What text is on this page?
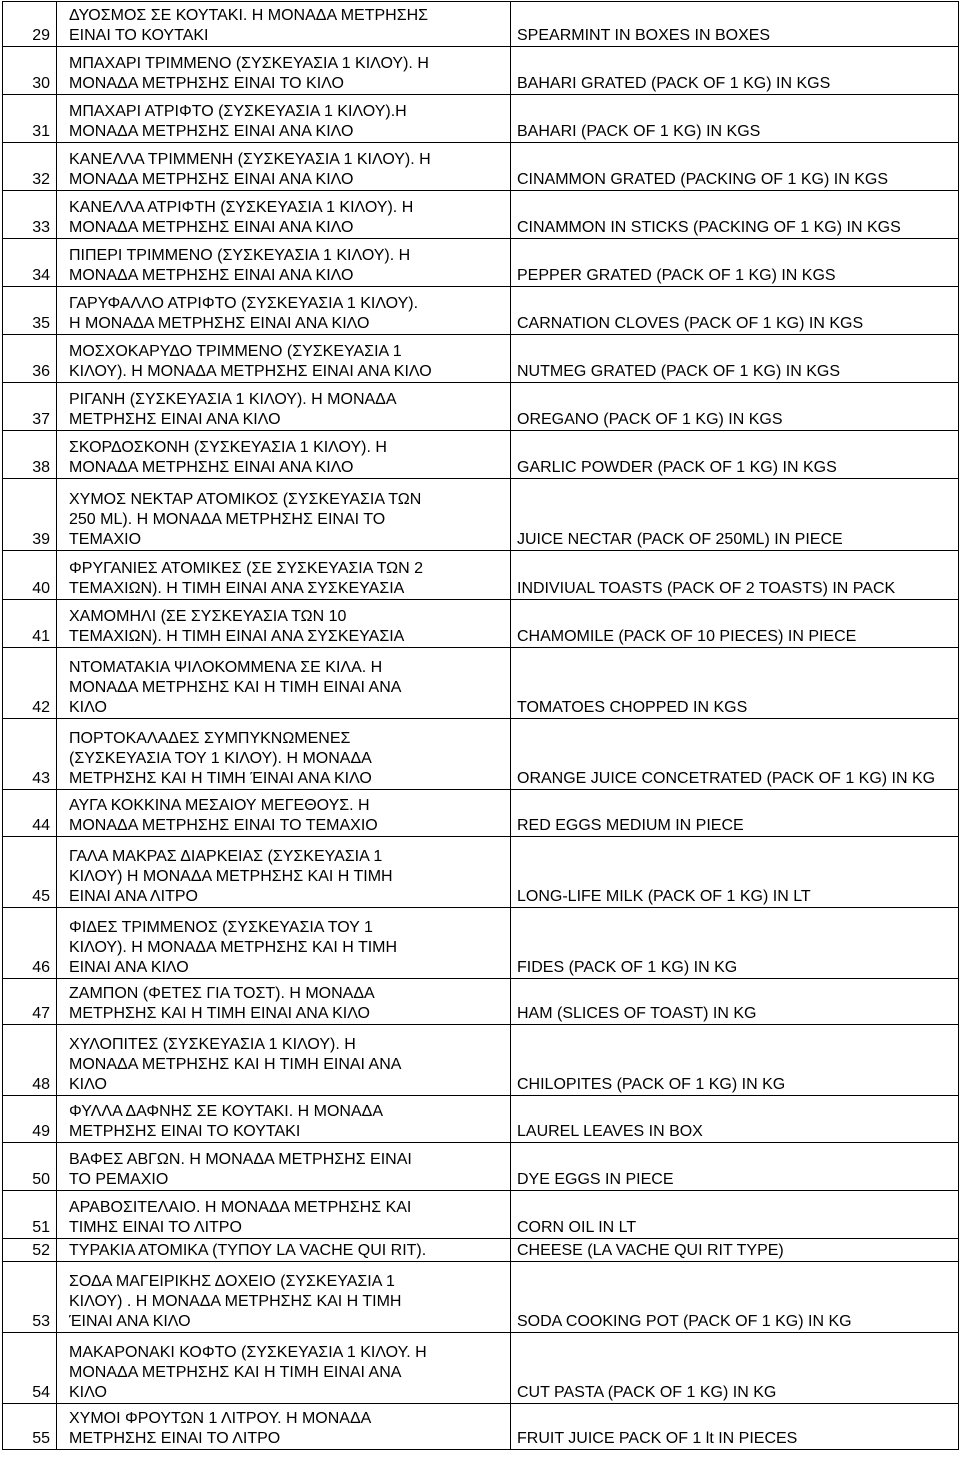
29	ΔΥΟΣΜΟΣ ΣΕ ΚΟΥΤΑΚΙ. Η ΜΟΝΑΔΑ ΜΕΤΡΗΣΗΣ
ΕΙΝΑΙ ΤΟ ΚΟΥΤΑΚΙ	SPEARMINT IN BOXES IN BOXES
30	ΜΠΑΧΑΡΙ ΤΡΙΜΜΕΝΟ (ΣΥΣΚΕΥΑΣΙΑ 1 ΚΙΛΟΥ). Η
ΜΟΝΑΔΑ ΜΕΤΡΗΣΗΣ ΕΙΝΑΙ ΤΟ ΚΙΛΟ	BAHARI GRATED (PACK OF 1 KG) IN KGS
31	ΜΠΑΧΑΡΙ ΑΤΡΙΦΤΟ (ΣΥΣΚΕΥΑΣΙΑ 1 ΚΙΛΟΥ).Η
ΜΟΝΑΔΑ ΜΕΤΡΗΣΗΣ ΕΙΝΑΙ ΑΝΑ ΚΙΛΟ	BAHARI (PACK OF 1 KG) IN KGS
32	ΚΑΝΕΛΛΑ ΤΡΙΜΜΕΝΗ (ΣΥΣΚΕΥΑΣΙΑ 1 ΚΙΛΟΥ). Η
ΜΟΝΑΔΑ ΜΕΤΡΗΣΗΣ ΕΙΝΑΙ ΑΝΑ ΚΙΛΟ	CINAMMON GRATED (PACKING OF 1 KG) IN KGS
33	ΚΑΝΕΛΛΑ ΑΤΡΙΦΤΗ (ΣΥΣΚΕΥΑΣΙΑ 1 ΚΙΛΟΥ). Η
ΜΟΝΑΔΑ ΜΕΤΡΗΣΗΣ ΕΙΝΑΙ ΑΝΑ ΚΙΛΟ	CINAMMON IN STICKS (PACKING OF 1 KG) IN KGS
34	ΠΙΠΕΡΙ ΤΡΙΜΜΕΝΟ (ΣΥΣΚΕΥΑΣΙΑ 1 ΚΙΛΟΥ). Η
ΜΟΝΑΔΑ ΜΕΤΡΗΣΗΣ ΕΙΝΑΙ ΑΝΑ ΚΙΛΟ	PEPPER GRATED (PACK OF 1 KG) IN KGS
35	ΓΑΡΥΦΑΛΛΟ ΑΤΡΙΦΤΟ (ΣΥΣΚΕΥΑΣΙΑ 1 ΚΙΛΟΥ).
Η ΜΟΝΑΔΑ ΜΕΤΡΗΣΗΣ ΕΙΝΑΙ ΑΝΑ ΚΙΛΟ	CARNATION CLOVES (PACK OF 1 KG) IN KGS
36	ΜΟΣΧΟΚΑΡΥΔΟ ΤΡΙΜΜΕΝΟ (ΣΥΣΚΕΥΑΣΙΑ 1
ΚΙΛΟΥ). Η ΜΟΝΑΔΑ ΜΕΤΡΗΣΗΣ ΕΙΝΑΙ ΑΝΑ ΚΙΛΟ	NUTMEG GRATED (PACK OF 1 KG) IN KGS
37	ΡΙΓΑΝΗ (ΣΥΣΚΕΥΑΣΙΑ 1 ΚΙΛΟΥ). Η ΜΟΝΑΔΑ
ΜΕΤΡΗΣΗΣ ΕΙΝΑΙ ΑΝΑ ΚΙΛΟ	OREGANO (PACK OF 1 KG) IN KGS
38	ΣΚΟΡΔΟΣΚΟΝΗ (ΣΥΣΚΕΥΑΣΙΑ 1 ΚΙΛΟΥ). Η
ΜΟΝΑΔΑ ΜΕΤΡΗΣΗΣ ΕΙΝΑΙ ΑΝΑ ΚΙΛΟ	GARLIC POWDER (PACK OF 1 KG) IN KGS
39	ΧΥΜΟΣ ΝΕΚΤΑΡ ΑΤΟΜΙΚΟΣ (ΣΥΣΚΕΥΑΣΙΑ ΤΩΝ
250 ML). Η ΜΟΝΑΔΑ ΜΕΤΡΗΣΗΣ ΕΙΝΑΙ ΤΟ
ΤΕΜΑΧΙΟ	JUICE NECTAR (PACK OF 250ML) IN PIECE
40	ΦΡΥΓΑΝΙΕΣ ΑΤΟΜΙΚΕΣ (ΣΕ ΣΥΣΚΕΥΑΣΙΑ ΤΩΝ 2
ΤΕΜΑΧΙΩΝ). Η ΤΙΜΗ ΕΙΝΑΙ ΑΝΑ ΣΥΣΚΕΥΑΣΙΑ	INDIVIUAL TOASTS (PACK OF 2 TOASTS) IN PACK
41	ΧΑΜΟΜΗΛΙ (ΣΕ ΣΥΣΚΕΥΑΣΙΑ ΤΩΝ 10
ΤΕΜΑΧΙΩΝ). Η ΤΙΜΗ ΕΙΝΑΙ ΑΝΑ ΣΥΣΚΕΥΑΣΙΑ	CHAMOMILE (PACK OF 10 PIECES) IN PIECE
42	ΝΤΟΜΑΤΑΚΙΑ ΨΙΛΟΚΟΜΜΕΝΑ ΣΕ ΚΙΛΑ. Η
ΜΟΝΑΔΑ ΜΕΤΡΗΣΗΣ ΚΑΙ Η ΤΙΜΗ ΕΙΝΑΙ ΑΝΑ
ΚΙΛΟ	TOMATOES CHOPPED IN KGS
43	ΠΟΡΤΟΚΑΛΑΔΕΣ ΣΥΜΠΥΚΝΩΜΕΝΕΣ
(ΣΥΣΚΕΥΑΣΙΑ ΤΟΥ 1 ΚΙΛΟΥ). Η ΜΟΝΑΔΑ
ΜΕΤΡΗΣΗΣ ΚΑΙ Η ΤΙΜΗ ΈΙΝΑΙ ΑΝΑ ΚΙΛΟ	ORANGE JUICE CONCETRATED (PACK OF 1 KG) IN KG
44	ΑΥΓΑ ΚΟΚΚΙΝΑ ΜΕΣΑΙΟΥ ΜΕΓΕΘΟΥΣ. Η
ΜΟΝΑΔΑ ΜΕΤΡΗΣΗΣ ΕΙΝΑΙ ΤΟ ΤΕΜΑΧΙΟ	RED EGGS MEDIUM IN PIECE
45	ΓΑΛΑ ΜΑΚΡΑΣ ΔΙΑΡΚΕΙΑΣ (ΣΥΣΚΕΥΑΣΙΑ 1
ΚΙΛΟΥ) Η ΜΟΝΑΔΑ ΜΕΤΡΗΣΗΣ ΚΑΙ Η ΤΙΜΗ
ΕΙΝΑΙ ΑΝΑ ΛΙΤΡΟ	LONG-LIFE MILK (PACK OF 1 KG) IN LT
46	ΦΙΔΕΣ ΤΡΙΜΜΕΝΟΣ (ΣΥΣΚΕΥΑΣΙΑ ΤΟΥ 1
ΚΙΛΟΥ). Η ΜΟΝΑΔΑ ΜΕΤΡΗΣΗΣ ΚΑΙ Η ΤΙΜΗ
ΕΙΝΑΙ ΑΝΑ ΚΙΛΟ	FIDES (PACK OF 1 KG) IN KG
47	ΖΑΜΠΟΝ (ΦΕΤΕΣ ΓΙΑ ΤΟΣΤ). Η ΜΟΝΑΔΑ
ΜΕΤΡΗΣΗΣ ΚΑΙ Η ΤΙΜΗ ΕΙΝΑΙ ΑΝΑ ΚΙΛΟ	HAM (SLICES OF TOAST) IN KG
48	ΧΥΛΟΠΙΤΕΣ (ΣΥΣΚΕΥΑΣΙΑ 1 ΚΙΛΟΥ). Η
ΜΟΝΑΔΑ ΜΕΤΡΗΣΗΣ ΚΑΙ Η ΤΙΜΗ ΕΙΝΑΙ ΑΝΑ
ΚΙΛΟ	CHILOPITES (PACK OF 1 KG) IN KG
49	ΦΥΛΛΑ ΔΑΦΝΗΣ ΣΕ ΚΟΥΤΑΚΙ. Η ΜΟΝΑΔΑ
ΜΕΤΡΗΣΗΣ ΕΙΝΑΙ ΤΟ ΚΟΥΤΑΚΙ	LAUREL LEAVES IN BOX
50	ΒΑΦΕΣ ΑΒΓΩΝ. Η ΜΟΝΑΔΑ ΜΕΤΡΗΣΗΣ ΕΙΝΑΙ
ΤΟ ΡΕΜΑΧΙΟ	DYE EGGS IN PIECE
51	ΑΡΑΒΟΣΙΤΕΛΑΙΟ. Η ΜΟΝΑΔΑ ΜΕΤΡΗΣΗΣ ΚΑΙ
ΤΙΜΗΣ ΕΙΝΑΙ ΤΟ ΛΙΤΡΟ	CORN OIL IN LT
52	ΤΥΡΑΚΙΑ ΑΤΟΜΙΚΑ (ΤΥΠΟΥ LA VACHE QUI RIT).	CHEESE (LA VACHE QUI RIT TYPE)
53	ΣΟΔΑ ΜΑΓΕΙΡΙΚΗΣ ΔΟΧΕΙΟ (ΣΥΣΚΕΥΑΣΙΑ 1
ΚΙΛΟΥ) . Η ΜΟΝΑΔΑ ΜΕΤΡΗΣΗΣ ΚΑΙ Η ΤΙΜΗ
ΈΙΝΑΙ ΑΝΑ ΚΙΛΟ	SODA COOKING POT (PACK OF 1 KG) IN KG
54	ΜΑΚΑΡΟΝΑΚΙ ΚΟΦΤΟ (ΣΥΣΚΕΥΑΣΙΑ 1 ΚΙΛΟΥ. Η
ΜΟΝΑΔΑ ΜΕΤΡΗΣΗΣ ΚΑΙ Η ΤΙΜΗ ΕΙΝΑΙ ΑΝΑ
ΚΙΛΟ	CUT PASTA (PACK OF 1 KG) IN KG
55	ΧΥΜΟΙ ΦΡΟΥΤΩΝ 1 ΛΙΤΡΟΥ. Η ΜΟΝΑΔΑ
ΜΕΤΡΗΣΗΣ ΕΙΝΑΙ ΤΟ ΛΙΤΡΟ	FRUIT JUICE PACK OF 1 lt IN PIECES
